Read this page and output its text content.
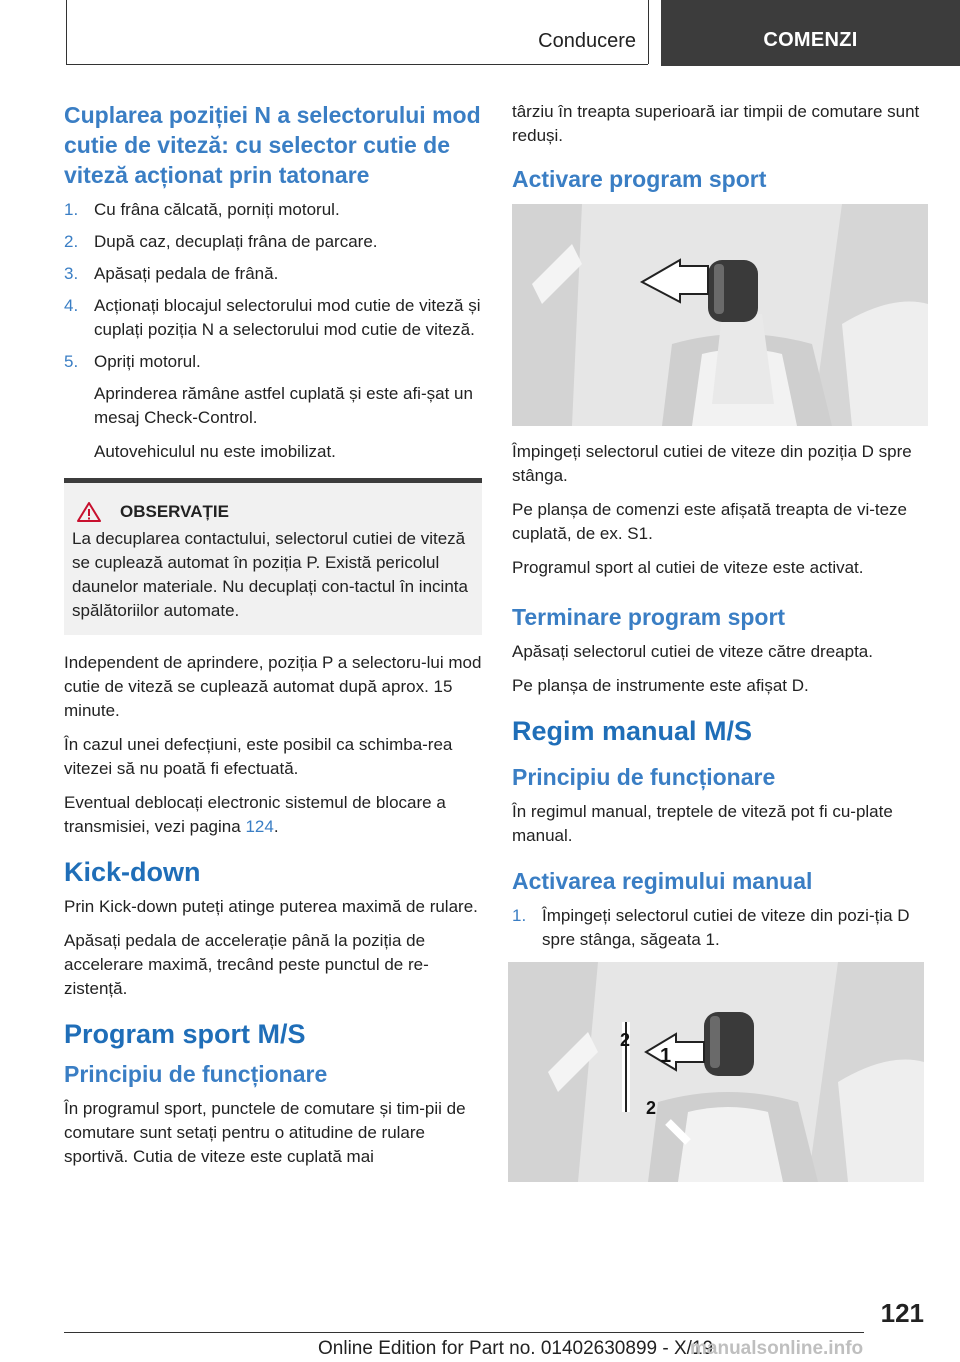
Conducere	COMENZI
Cuplarea poziției N a selectorului mod cutie de viteză: cu selector cutie de viteză acționat prin tatonare
1. Cu frâna călcată, porniți motorul.
2. După caz, decuplați frâna de parcare.
3. Apăsați pedala de frână.
4. Acționați blocajul selectorului mod cutie de viteză și cuplați poziția N a selectorului mod cutie de viteză.
5. Opriți motorul.

Aprinderea rămâne astfel cuplată și este afi-șat un mesaj Check-Control.

Autovehiculul nu este imobilizat.

OBSERVAȚIE

La decuplarea contactului, selectorul cutiei de viteză se cuplează automat în poziția P. Există pericolul daunelor materiale. Nu decuplați con-tactul în incinta spălătoriilor automate.

Independent de aprindere, poziția P a selectoru-lui mod cutie de viteză se cuplează automat după aprox. 15 minute.

În cazul unei defecțiuni, este posibil ca schimba-rea vitezei să nu poată fi efectuată.

Eventual deblocați electronic sistemul de blocare a transmisiei, vezi pagina 124.

Kick-down

Prin Kick-down puteți atinge puterea maximă de rulare.

Apăsați pedala de accelerație până la poziția de accelerare maximă, trecând peste punctul de re-zistență.

Program sport M/S
Principiu de funcționare

În programul sport, punctele de comutare și tim-pii de comutare sunt setați pentru o atitudine de rulare sportivă. Cutia de viteze este cuplată mai

târziu în treapta superioară iar timpii de comutare sunt reduși.

Activare program sport

Împingeți selectorul cutiei de viteze din poziția D spre stânga.

Pe planșa de comenzi este afișată treapta de vi-teze cuplată, de ex. S1.

Programul sport al cutiei de viteze este activat.

Terminare program sport

Apăsați selectorul cutiei de viteze către dreapta.

Pe planșa de instrumente este afișat D.

Regim manual M/S
Principiu de funcționare

În regimul manual, treptele de viteză pot fi cu-plate manual.

Activarea regimului manual
1. Împingeți selectorul cutiei de viteze din pozi-ția D spre stânga, săgeata 1.
1
2
2
121
Online Edition for Part no. 01402630899 - X/19
manualsonline.info
